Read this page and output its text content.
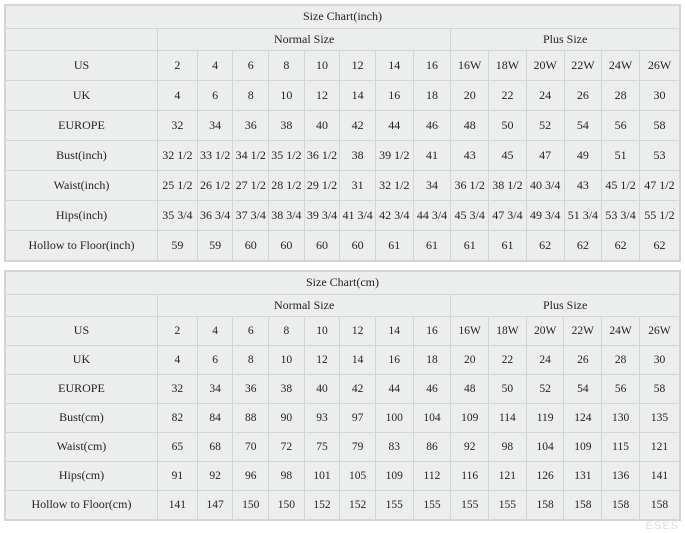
Size Chart(inch)														
	Normal Size								Plus Size					
US	2	4	6	8	10	12	14	16	16W	18W	20W	22W	24W	26W
UK	4	6	8	10	12	14	16	18	20	22	24	26	28	30
EUROPE	32	34	36	38	40	42	44	46	48	50	52	54	56	58
Bust(inch)	32 1/2	33 1/2	34 1/2	35 1/2	36 1/2	38	39 1/2	41	43	45	47	49	51	53
Waist(inch)	25 1/2	26 1/2	27 1/2	28 1/2	29 1/2	31	32 1/2	34	36 1/2	38 1/2	40 3/4	43	45 1/2	47 1/2
Hips(inch)	35 3/4	36 3/4	37 3/4	38 3/4	39 3/4	41 3/4	42 3/4	44 3/4	45 3/4	47 3/4	49 3/4	51 3/4	53 3/4	55 1/2
Hollow to Floor(inch)	59	59	60	60	60	60	61	61	61	61	62	62	62	62
Size Chart(cm)														
	Normal Size								Plus Size					
US	2	4	6	8	10	12	14	16	16W	18W	20W	22W	24W	26W
UK	4	6	8	10	12	14	16	18	20	22	24	26	28	30
EUROPE	32	34	36	38	40	42	44	46	48	50	52	54	56	58
Bust(cm)	82	84	88	90	93	97	100	104	109	114	119	124	130	135
Waist(cm)	65	68	70	72	75	79	83	86	92	98	104	109	115	121
Hips(cm)	91	92	96	98	101	105	109	112	116	121	126	131	136	141
Hollow to Floor(cm)	141	147	150	150	152	152	155	155	155	155	158	158	158	158
ESES
